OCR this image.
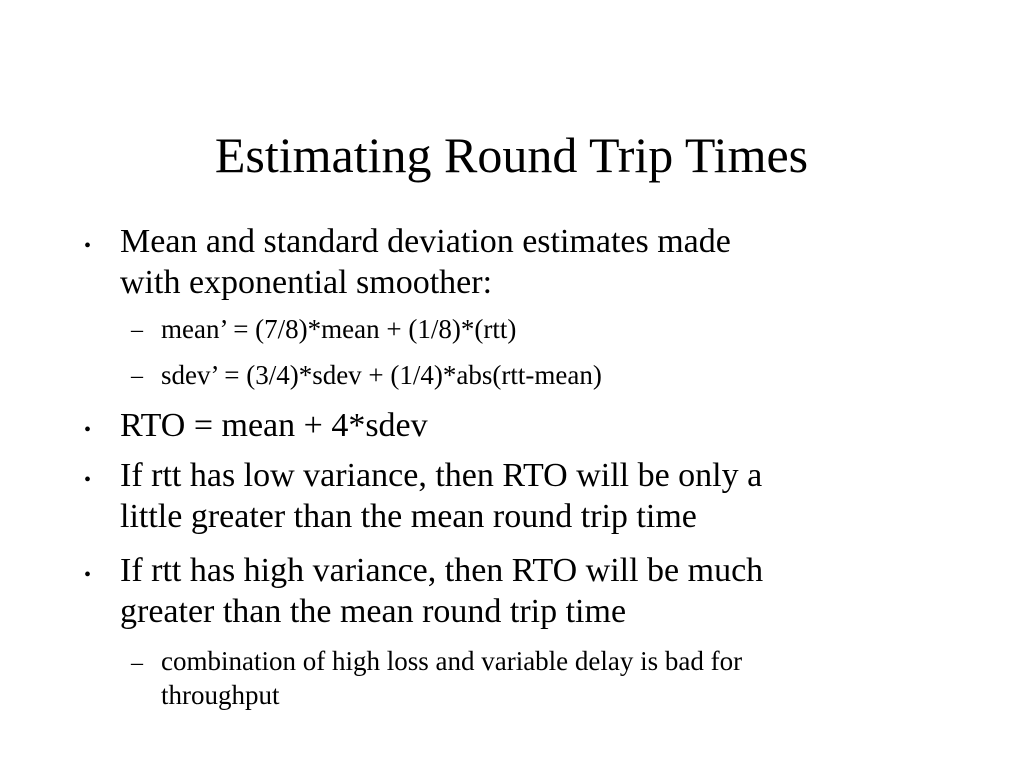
Estimating Round Trip Times
• Mean and standard deviation estimates made
with exponential smoother:
– mean’ = (7/8)*mean + (1/8)*(rtt)
– sdev’ = (3/4)*sdev + (1/4)*abs(rtt-mean)
• RTO = mean + 4*sdev
• If rtt has low variance, then RTO will be only a
little greater than the mean round trip time
• If rtt has high variance, then RTO will be much
greater than the mean round trip time
– combination of high loss and variable delay is bad for
throughput
